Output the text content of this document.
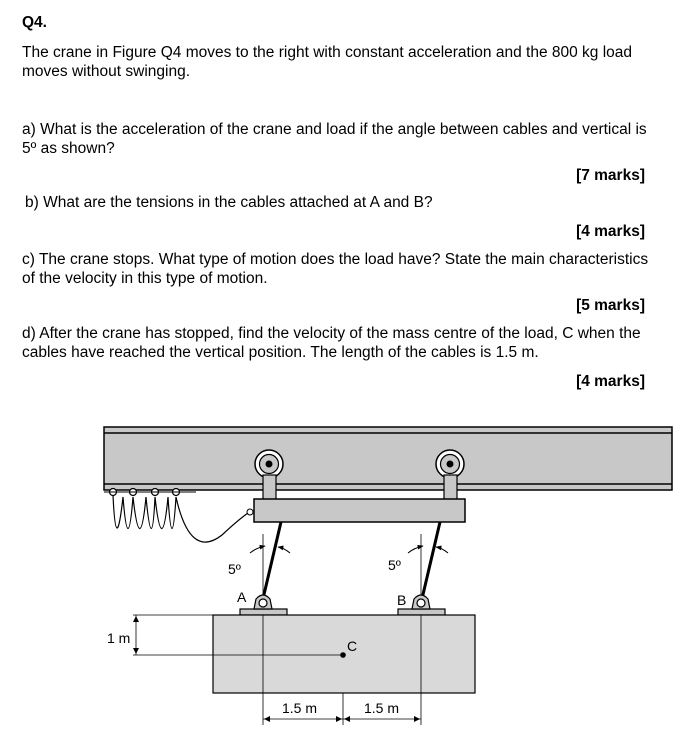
Q4.
The crane in Figure Q4 moves to the right with constant acceleration and the 800 kg load moves without swinging.
a) What is the acceleration of the crane and load if the angle between cables and vertical is 5º as shown?
[7 marks]
b) What are the tensions in the cables attached at A and B?
[4 marks]
c) The crane stops. What type of motion does the load have? State the main characteristics of the velocity in this type of motion.
[5 marks]
d) After the crane has stopped, find the velocity of the mass centre of the load, C when the cables have reached the vertical position. The length of the cables is 1.5 m.
[4 marks]
5º	5º
A	B
C
1 m
1.5 m	1.5 m
